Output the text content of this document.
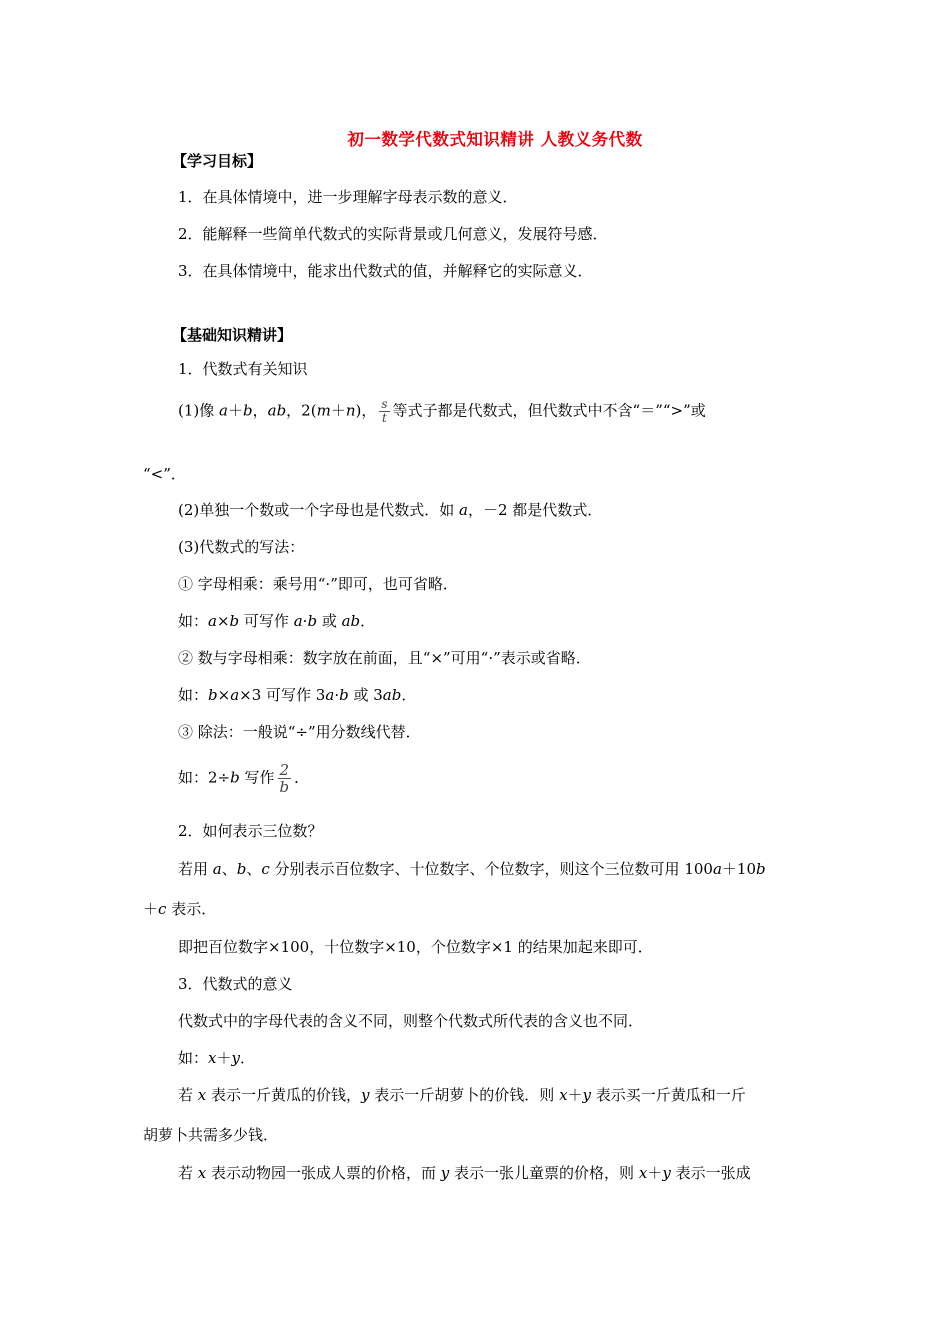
初一数学代数式知识精讲 人教义务代数
【学习目标】
1．在具体情境中，进一步理解字母表示数的意义．
2．能解释一些简单代数式的实际背景或几何意义，发展符号感．
3．在具体情境中，能求出代数式的值，并解释它的实际意义．
【基础知识精讲】
1．代数式有关知识
(1)像 a＋b，ab，2(m＋n)， $\frac{s}{t}$ 等式子都是代数式，但代数式中不含“＝”“>”或
“<”．
(2)单独一个数或一个字母也是代数式．如 a，－2 都是代数式．
(3)代数式的写法：
① 字母相乘：乘号用“·”即可，也可省略．
如：a×b 可写作 a·b 或 ab．
② 数与字母相乘：数字放在前面，且“×”可用“·”表示或省略．
如：b×a×3 可写作 3a·b 或 3ab．
③ 除法：一般说“÷”用分数线代替．
如：2÷b 写作 $\frac{2}{b}$ ．
2．如何表示三位数？
若用 a、b、c 分别表示百位数字、十位数字、个位数字，则这个三位数可用 100a＋10b
＋c 表示．
即把百位数字×100，十位数字×10，个位数字×1 的结果加起来即可．
3．代数式的意义
代数式中的字母代表的含义不同，则整个代数式所代表的含义也不同．
如：x＋y．
若 x 表示一斤黄瓜的价钱，y 表示一斤胡萝卜的价钱．则 x＋y 表示买一斤黄瓜和一斤
胡萝卜共需多少钱．
若 x 表示动物园一张成人票的价格，而 y 表示一张儿童票的价格，则 x＋y 表示一张成
